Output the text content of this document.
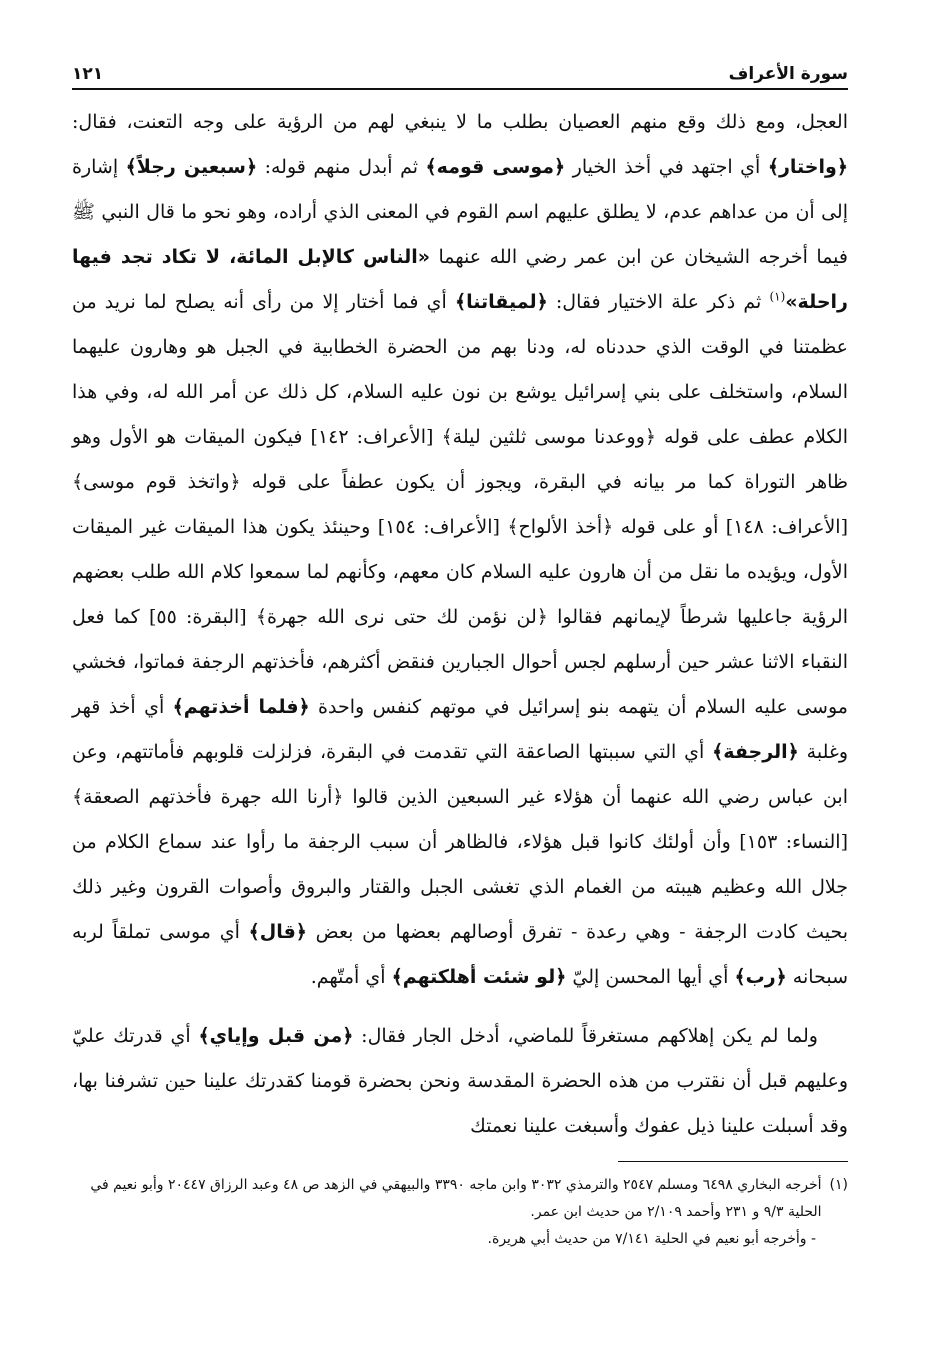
سورة الأعراف
١٢١

العجل، ومع ذلك وقع منهم العصيان بطلب ما لا ينبغي لهم من الرؤية على وجه التعنت، فقال: ﴿واختار﴾ أي اجتهد في أخذ الخيار ﴿موسى قومه﴾ ثم أبدل منهم قوله: ﴿سبعين رجلاً﴾ إشارة إلى أن من عداهم عدم، لا يطلق عليهم اسم القوم في المعنى الذي أراده، وهو نحو ما قال النبي ﷺ فيما أخرجه الشيخان عن ابن عمر رضي الله عنهما «الناس كالإبل المائة، لا تكاد تجد فيها راحلة»$^{(١)}$ ثم ذكر علة الاختيار فقال: ﴿لميقاتنا﴾ أي فما أختار إلا من رأى أنه يصلح لما نريد من عظمتنا في الوقت الذي حددناه له، ودنا بهم من الحضرة الخطابية في الجبل هو وهارون عليهما السلام، واستخلف على بني إسرائيل يوشع بن نون عليه السلام، كل ذلك عن أمر الله له، وفي هذا الكلام عطف على قوله ﴿ووعدنا موسى ثلثين ليلة﴾ [الأعراف: ١٤٢] فيكون الميقات هو الأول وهو ظاهر التوراة كما مر بيانه في البقرة، ويجوز أن يكون عطفاً على قوله ﴿واتخذ قوم موسى﴾ [الأعراف: ١٤٨] أو على قوله ﴿أخذ الألواح﴾ [الأعراف: ١٥٤] وحينئذ يكون هذا الميقات غير الميقات الأول، ويؤيده ما نقل من أن هارون عليه السلام كان معهم، وكأنهم لما سمعوا كلام الله طلب بعضهم الرؤية جاعليها شرطاً لإيمانهم فقالوا ﴿لن نؤمن لك حتى نرى الله جهرة﴾ [البقرة: ٥٥] كما فعل النقباء الاثنا عشر حين أرسلهم لجس أحوال الجبارين فنقض أكثرهم، فأخذتهم الرجفة فماتوا، فخشي موسى عليه السلام أن يتهمه بنو إسرائيل في موتهم كنفس واحدة ﴿فلما أخذتهم﴾ أي أخذ قهر وغلبة ﴿الرجفة﴾ أي التي سببتها الصاعقة التي تقدمت في البقرة، فزلزلت قلوبهم فأماتتهم، وعن ابن عباس رضي الله عنهما أن هؤلاء غير السبعين الذين قالوا ﴿أرنا الله جهرة فأخذتهم الصعقة﴾ [النساء: ١٥٣] وأن أولئك كانوا قبل هؤلاء، فالظاهر أن سبب الرجفة ما رأوا عند سماع الكلام من جلال الله وعظيم هيبته من الغمام الذي تغشى الجبل والقتار والبروق وأصوات القرون وغير ذلك بحيث كادت الرجفة - وهي رعدة - تفرق أوصالهم بعضها من بعض ﴿قال﴾ أي موسى تملقاً لربه سبحانه ﴿رب﴾ أي أيها المحسن إليّ ﴿لو شئت أهلكتهم﴾ أي أمتّهم.

ولما لم يكن إهلاكهم مستغرقاً للماضي، أدخل الجار فقال: ﴿من قبل وإياي﴾ أي قدرتك عليّ وعليهم قبل أن نقترب من هذه الحضرة المقدسة ونحن بحضرة قومنا كقدرتك علينا حين تشرفنا بها، وقد أسبلت علينا ذيل عفوك وأسبغت علينا نعمتك

(١)
أخرجه البخاري ٦٤٩٨ ومسلم ٢٥٤٧ والترمذي ٣٠٣٢ وابن ماجه ٣٣٩٠ والبيهقي في الزهد ص ٤٨ وعبد الرزاق ٢٠٤٤٧ وأبو نعيم في الحلية ٩/٣ و ٢٣١ وأحمد ٢/١٠٩ من حديث ابن عمر.
- وأخرجه أبو نعيم في الحلية ٧/١٤١ من حديث أبي هريرة.
